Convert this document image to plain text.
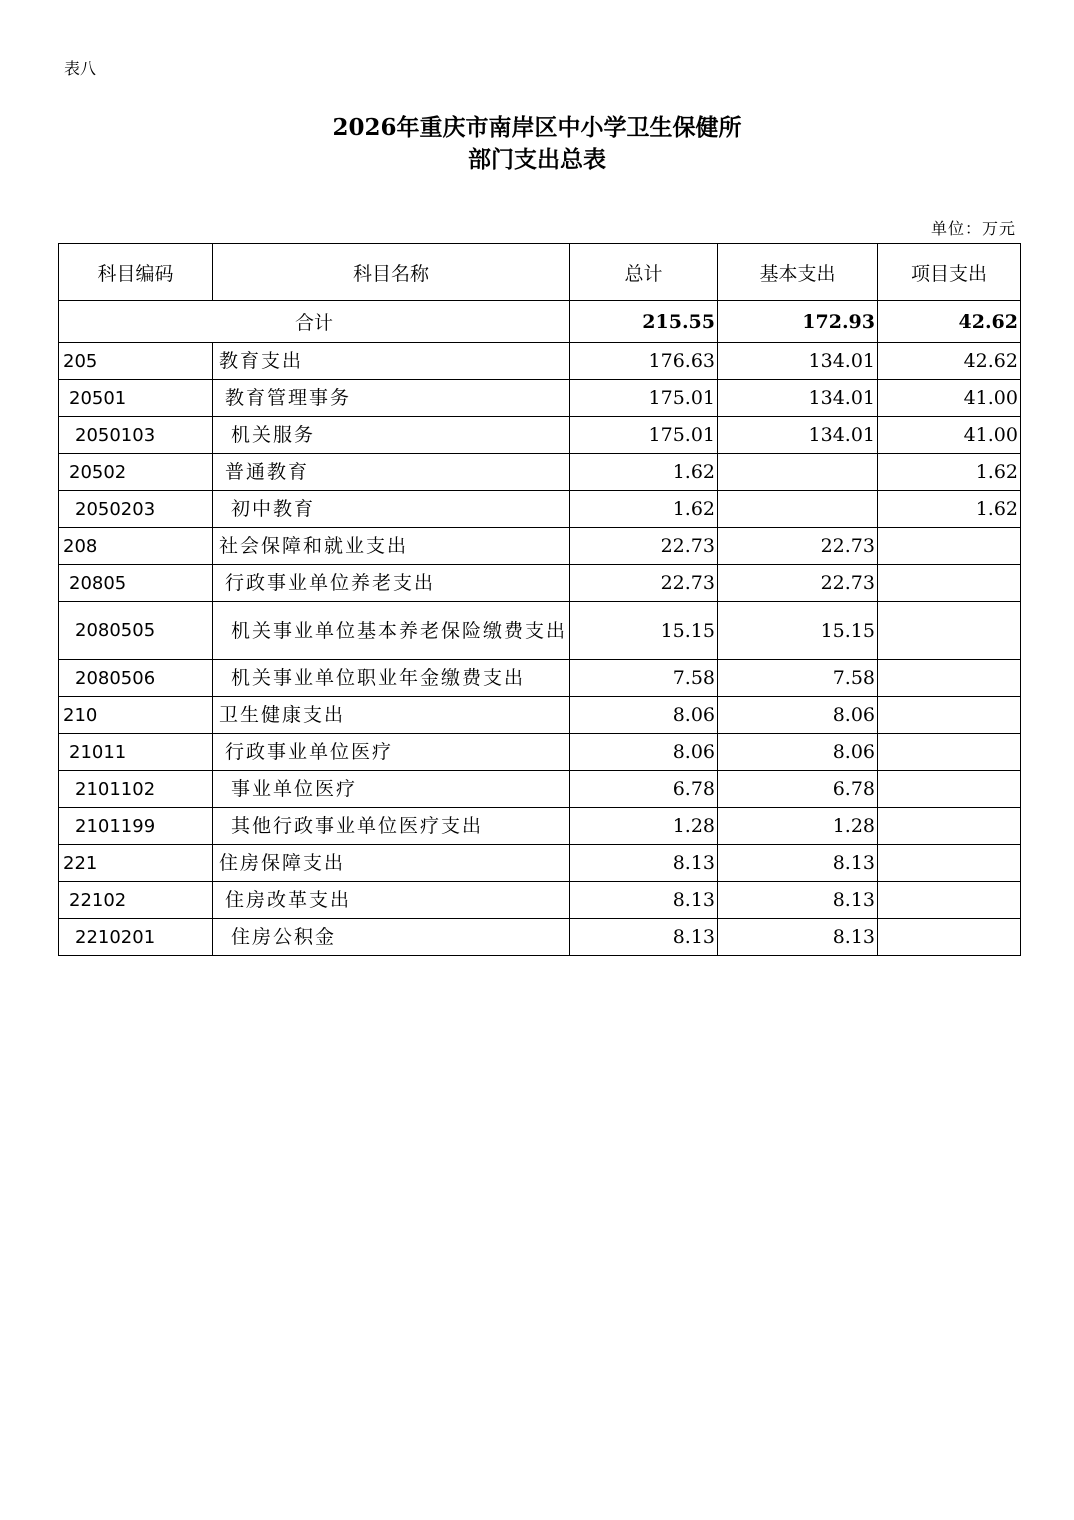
表八
2026年重庆市南岸区中小学卫生保健所
部门支出总表
单位：万元
科目编码	科目名称	总计	基本支出	项目支出
合计		215.55	172.93	42.62
205	教育支出	176.63	134.01	42.62
20501	教育管理事务	175.01	134.01	41.00
2050103	机关服务	175.01	134.01	41.00
20502	普通教育	1.62		1.62
2050203	初中教育	1.62		1.62
208	社会保障和就业支出	22.73	22.73	
20805	行政事业单位养老支出	22.73	22.73	
2080505	机关事业单位基本养老保险缴费支出	15.15	15.15	
2080506	机关事业单位职业年金缴费支出	7.58	7.58	
210	卫生健康支出	8.06	8.06	
21011	行政事业单位医疗	8.06	8.06	
2101102	事业单位医疗	6.78	6.78	
2101199	其他行政事业单位医疗支出	1.28	1.28	
221	住房保障支出	8.13	8.13	
22102	住房改革支出	8.13	8.13	
2210201	住房公积金	8.13	8.13	
